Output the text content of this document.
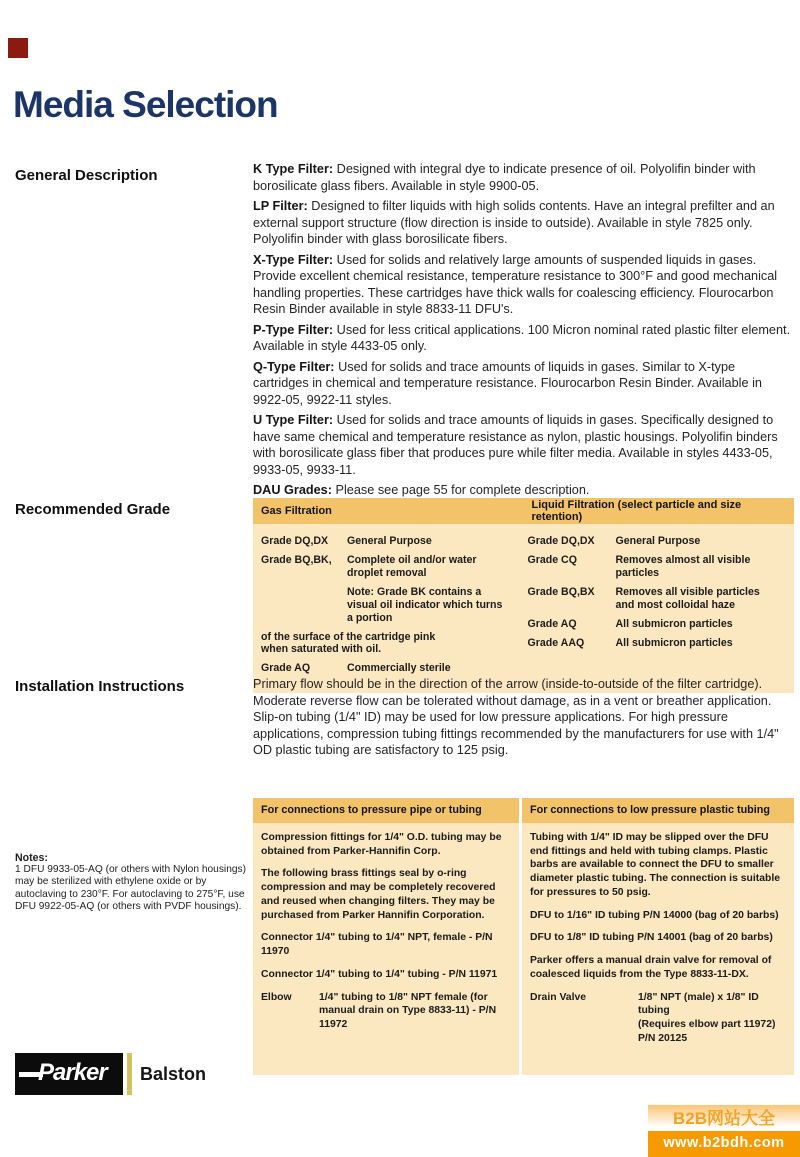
Media Selection
General Description
Recommended Grade
Installation Instructions

K Type Filter: Designed with integral dye to indicate presence of oil. Polyolifin binder with borosilicate glass fibers. Available in style 9900-05.

LP Filter: Designed to filter liquids with high solids contents. Have an integral prefilter and an external support structure (flow direction is inside to outside). Available in style 7825 only. Polyolifin binder with glass borosilicate fibers.

X-Type Filter: Used for solids and relatively large amounts of suspended liquids in gases. Provide excellent chemical resistance, temperature resistance to 300°F and good mechanical handling properties. These cartridges have thick walls for coalescing efficiency. Flourocarbon Resin Binder available in style 8833-11 DFU's.

P-Type Filter: Used for less critical applications. 100 Micron nominal rated plastic filter element. Available in style 4433-05 only.

Q-Type Filter: Used for solids and trace amounts of liquids in gases. Similar to X-type cartridges in chemical and temperature resistance. Flourocarbon Resin Binder. Available in 9922-05, 9922-11 styles.

U Type Filter: Used for solids and trace amounts of liquids in gases. Specifically designed to have same chemical and temperature resistance as nylon, plastic housings. Polyolifin binders with borosilicate glass fiber that produces pure while filter media. Available in styles 4433-05, 9933-05, 9933-11.

DAU Grades: Please see page 55 for complete description.

Gas Filtration	Liquid Filtration (select particle and size retention)
Grade DQ,DX	General Purpose
Grade BQ,BK,	Complete oil and/or water droplet removal
Note: Grade BK contains a visual oil indicator which turns a portion
of the surface of the cartridge pink when saturated with oil.
Grade AQ	Commercially sterile
Grade DQ,DX	General Purpose
Grade CQ	Removes almost all visible particles
Grade BQ,BX	Removes all visible particles and most colloidal haze
Grade AQ	All submicron particles
Grade AAQ	All submicron particles
Primary flow should be in the direction of the arrow (inside-to-outside of the filter cartridge). Moderate reverse flow can be tolerated without damage, as in a vent or breather application. Slip-on tubing (1/4" ID) may be used for low pressure applications. For high pressure applications, compression tubing fittings recommended by the manufacturers for use with 1/4" OD plastic tubing are satisfactory to 125 psig.

Notes:

1 DFU 9933-05-AQ (or others with Nylon housings) may be sterilized with ethylene oxide or by autoclaving to 230°F. For autoclaving to 275°F, use DFU 9922-05-AQ (or others with PVDF housings).

For connections to pressure pipe or tubing

Compression fittings for 1/4" O.D. tubing may be obtained from Parker-Hannifin Corp.

The following brass fittings seal by o-ring compression and may be completely recovered and reused when changing filters. They may be purchased from Parker Hannifin Corporation.

Connector 1/4" tubing to 1/4" NPT, female - P/N 11970

Connector 1/4" tubing to 1/4" tubing - P/N 11971

Elbow	1/4" tubing to 1/8" NPT female (for manual drain on Type 8833-11) - P/N 11972
For connections to low pressure plastic tubing

Tubing with 1/4" ID may be slipped over the DFU end fittings and held with tubing clamps. Plastic barbs are available to connect the DFU to smaller diameter plastic tubing. The connection is suitable for pressures to 50 psig.

DFU to 1/16" ID tubing P/N 14000 (bag of 20 barbs)

DFU to 1/8" ID tubing P/N 14001 (bag of 20 barbs)

Parker offers a manual drain valve for removal of coalesced liquids from the Type 8833-11-DX.

Drain Valve	1/8" NPT (male) x 1/8" ID
tubing
(Requires elbow part 11972)
P/N 20125
Parker Balston
B2B网站大全
www.b2bdh.com
